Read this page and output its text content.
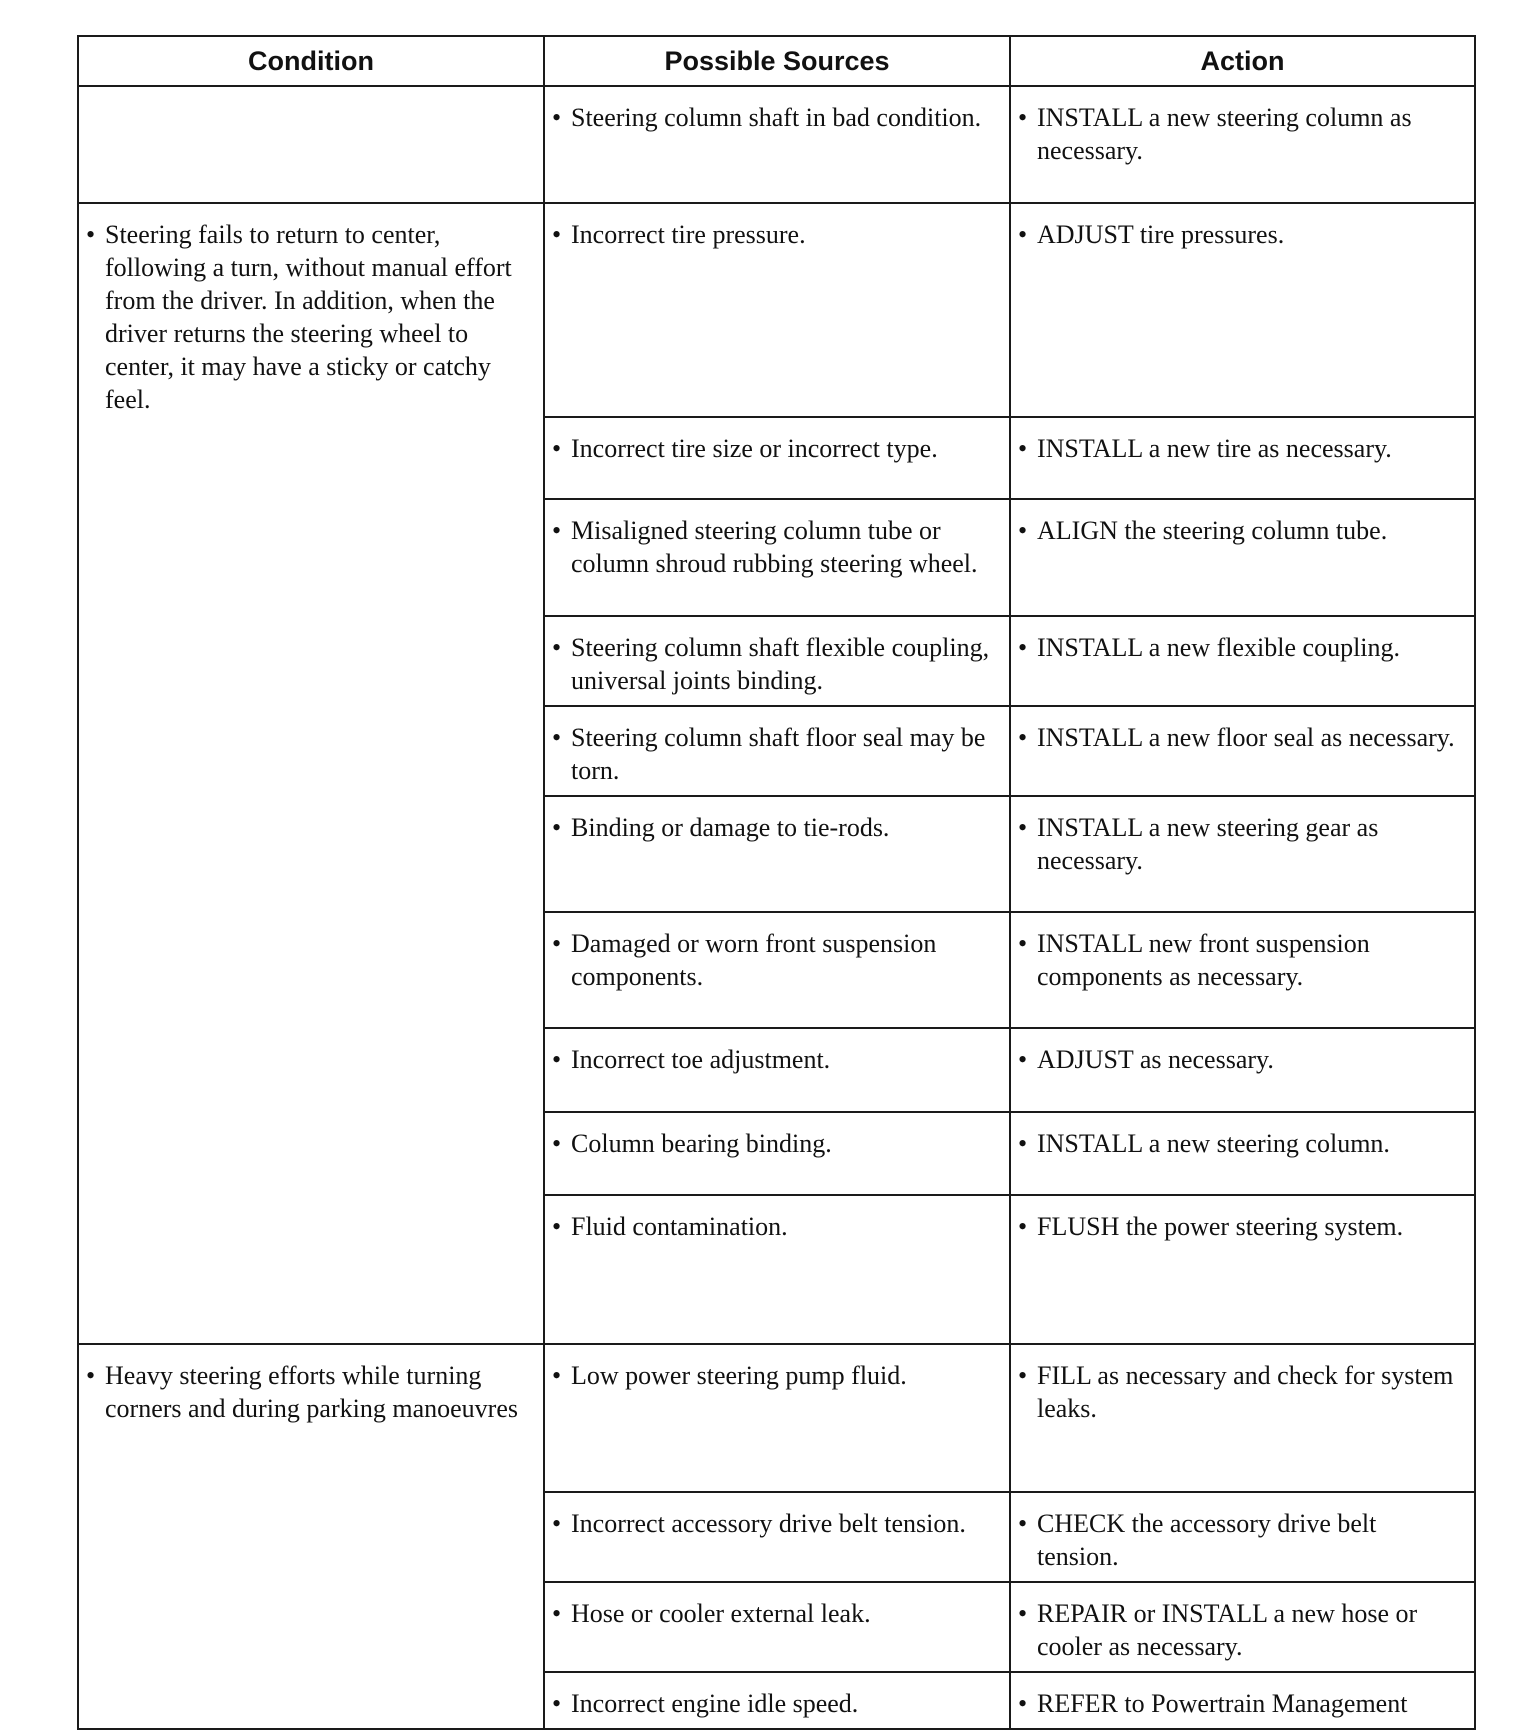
Condition	Possible Sources	Action

	• Steering column shaft in bad condition.	• INSTALL a new steering column as necessary.

• Steering fails to return to center, following a turn, without manual effort from the driver. In addition, when the driver returns the steering wheel to center, it may have a sticky or catchy feel.	• Incorrect tire pressure.	• ADJUST tire pressures.

	• Incorrect tire size or incorrect type.	• INSTALL a new tire as necessary.

	• Misaligned steering column tube or column shroud rubbing steering wheel.	• ALIGN the steering column tube.

	• Steering column shaft flexible coupling, universal joints binding.	• INSTALL a new flexible coupling.

	• Steering column shaft floor seal may be torn.	• INSTALL a new floor seal as necessary.

	• Binding or damage to tie-rods.	• INSTALL a new steering gear as necessary.

	• Damaged or worn front suspension components.	• INSTALL new front suspension components as necessary.

	• Incorrect toe adjustment.	• ADJUST as necessary.

	• Column bearing binding.	• INSTALL a new steering column.

	• Fluid contamination.	• FLUSH the power steering system.

• Heavy steering efforts while turning corners and during parking manoeuvres	• Low power steering pump fluid.	• FILL as necessary and check for system leaks.

	• Incorrect accessory drive belt tension.	• CHECK the accessory drive belt tension.

	• Hose or cooler external leak.	• REPAIR or INSTALL a new hose or cooler as necessary.

	• Incorrect engine idle speed.	• REFER to Powertrain Management
